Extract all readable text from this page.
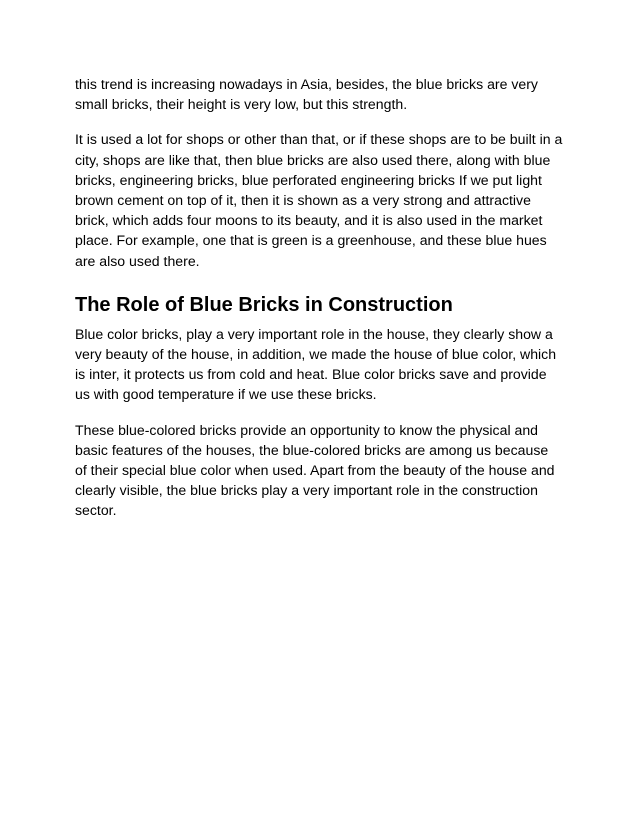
this trend is increasing nowadays in Asia, besides, the blue bricks are very
small bricks, their height is very low, but this strength.

It is used a lot for shops or other than that, or if these shops are to be built in a
city, shops are like that, then blue bricks are also used there, along with blue
bricks, engineering bricks, blue perforated engineering bricks If we put light
brown cement on top of it, then it is shown as a very strong and attractive
brick, which adds four moons to its beauty, and it is also used in the market
place. For example, one that is green is a greenhouse, and these blue hues
are also used there.

The Role of Blue Bricks in Construction

Blue color bricks, play a very important role in the house, they clearly show a
very beauty of the house, in addition, we made the house of blue color, which
is inter, it protects us from cold and heat. Blue color bricks save and provide
us with good temperature if we use these bricks.

These blue-colored bricks provide an opportunity to know the physical and
basic features of the houses, the blue-colored bricks are among us because
of their special blue color when used. Apart from the beauty of the house and
clearly visible, the blue bricks play a very important role in the construction
sector.
